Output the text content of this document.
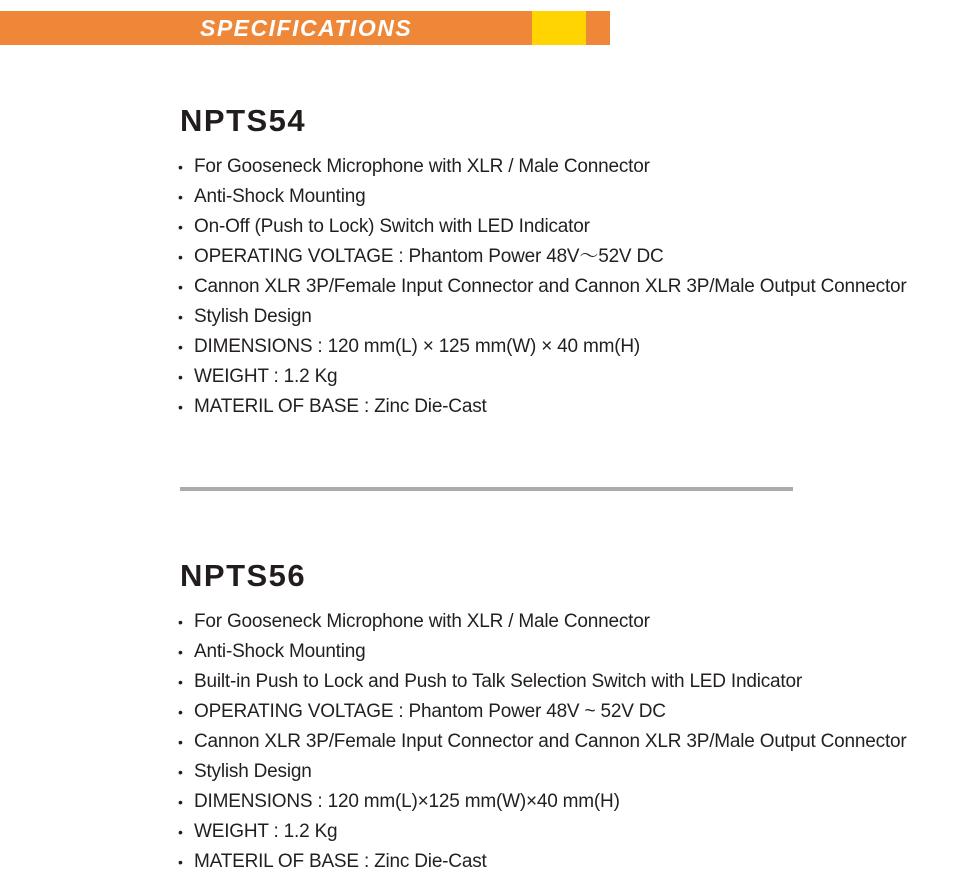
SPECIFICATIONS
NPTS54
• For Gooseneck Microphone with XLR / Male Connector
• Anti-Shock Mounting
• On-Off (Push to Lock) Switch with LED Indicator
• OPERATING VOLTAGE : Phantom Power 48V～52V DC
• Cannon XLR 3P/Female Input Connector and Cannon XLR 3P/Male Output Connector
• Stylish Design
• DIMENSIONS : 120 mm(L) × 125 mm(W) × 40 mm(H)
• WEIGHT : 1.2 Kg
• MATERIL OF BASE : Zinc Die-Cast
NPTS56
• For Gooseneck Microphone with XLR / Male Connector
• Anti-Shock Mounting
• Built-in Push to Lock and Push to Talk Selection Switch with LED Indicator
• OPERATING VOLTAGE : Phantom Power 48V ~ 52V DC
• Cannon XLR 3P/Female Input Connector and Cannon XLR 3P/Male Output Connector
• Stylish Design
• DIMENSIONS : 120 mm(L)×125 mm(W)×40 mm(H)
• WEIGHT : 1.2 Kg
• MATERIL OF BASE : Zinc Die-Cast
